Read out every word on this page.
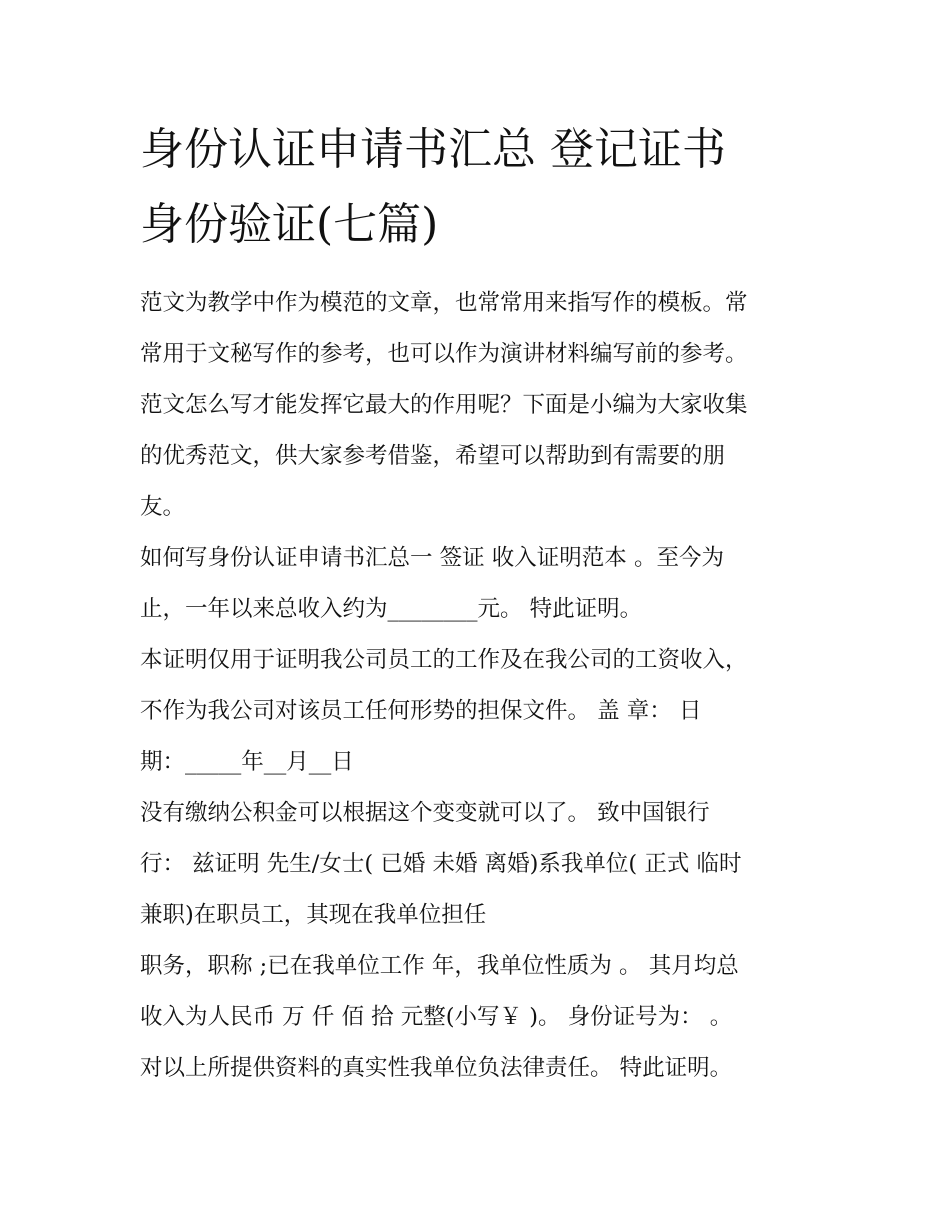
身份认证申请书汇总 登记证书
身份验证(七篇)
范文为教学中作为模范的文章，也常常用来指写作的模板。常
常用于文秘写作的参考，也可以作为演讲材料编写前的参考。
范文怎么写才能发挥它最大的作用呢？下面是小编为大家收集
的优秀范文，供大家参考借鉴，希望可以帮助到有需要的朋
友。
如何写身份认证申请书汇总一 签证 收入证明范本 。至今为
止，一年以来总收入约为________元。 特此证明。
本证明仅用于证明我公司员工的工作及在我公司的工资收入，
不作为我公司对该员工任何形势的担保文件。 盖 章： 日
期：_____年__月__日
没有缴纳公积金可以根据这个变变就可以了。 致中国银行
行： 兹证明 先生/女士( 已婚 未婚 离婚)系我单位( 正式 临时
兼职)在职员工，其现在我单位担任
职务，职称 ;已在我单位工作 年，我单位性质为 。 其月均总
收入为人民币 万 仟 佰 拾 元整(小写￥ )。 身份证号为： 。
对以上所提供资料的真实性我单位负法律责任。 特此证明。
